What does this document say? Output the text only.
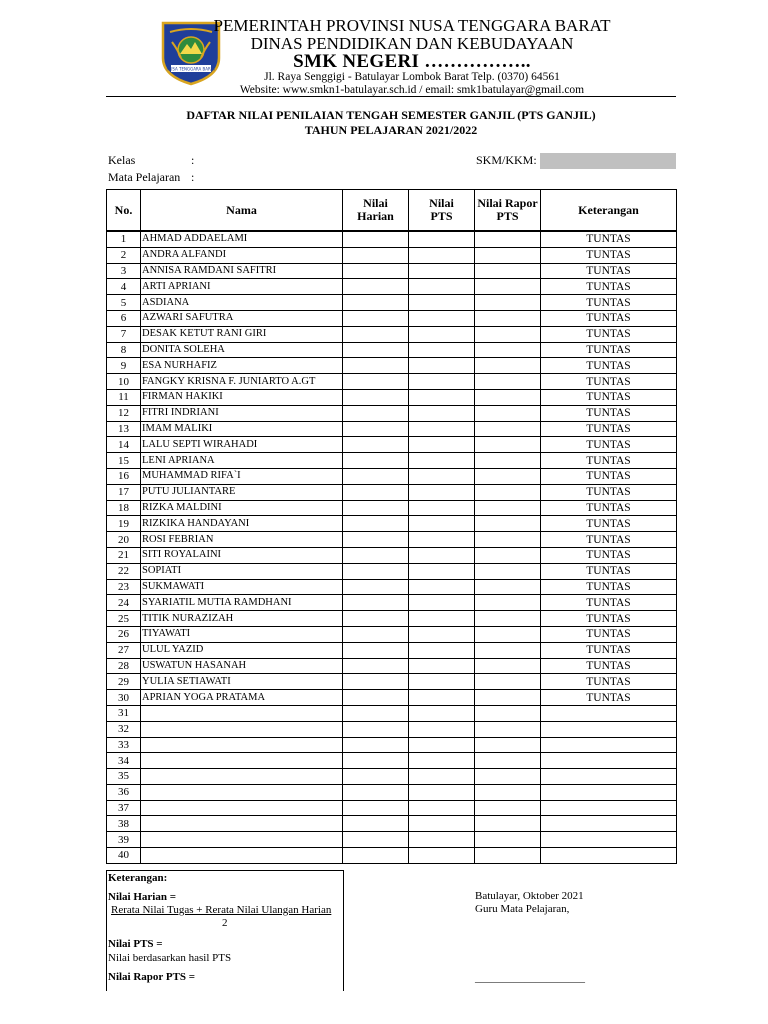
NUSA TENGGARA BARAT
PEMERINTAH PROVINSI NUSA TENGGARA BARAT
DINAS PENDIDIKAN DAN KEBUDAYAAN
SMK NEGERI ……………..
Jl. Raya Senggigi - Batulayar Lombok Barat Telp. (0370) 64561
Website: www.smkn1-batulayar.sch.id / email: smk1batulayar@gmail.com
DAFTAR NILAI PENILAIAN TENGAH SEMESTER GANJIL (PTS GANJIL)
TAHUN PELAJARAN 2021/2022
Kelas	:
Mata Pelajaran :
SKM/KKM:
No.	Nama	Nilai Harian	Nilai PTS	Nilai Rapor PTS	Keterangan
1	AHMAD ADDAELAMI				TUNTAS
2	ANDRA ALFANDI				TUNTAS
3	ANNISA RAMDANI SAFITRI				TUNTAS
4	ARTI APRIANI				TUNTAS
5	ASDIANA				TUNTAS
6	AZWARI SAFUTRA				TUNTAS
7	DESAK KETUT RANI GIRI				TUNTAS
8	DONITA SOLEHA				TUNTAS
9	ESA NURHAFIZ				TUNTAS
10	FANGKY KRISNA F. JUNIARTO A.GT				TUNTAS
11	FIRMAN HAKIKI				TUNTAS
12	FITRI INDRIANI				TUNTAS
13	IMAM MALIKI				TUNTAS
14	LALU SEPTI WIRAHADI				TUNTAS
15	LENI APRIANA				TUNTAS
16	MUHAMMAD RIFA`I				TUNTAS
17	PUTU JULIANTARE				TUNTAS
18	RIZKA MALDINI				TUNTAS
19	RIZKIKA HANDAYANI				TUNTAS
20	ROSI FEBRIAN				TUNTAS
21	SITI ROYALAINI				TUNTAS
22	SOPIATI				TUNTAS
23	SUKMAWATI				TUNTAS
24	SYARIATIL MUTIA RAMDHANI				TUNTAS
25	TITIK NURAZIZAH				TUNTAS
26	TIYAWATI				TUNTAS
27	ULUL YAZID				TUNTAS
28	USWATUN HASANAH				TUNTAS
29	YULIA SETIAWATI				TUNTAS
30	APRIAN YOGA PRATAMA				TUNTAS
31					
32					
33					
34					
35					
36					
37					
38					
39					
40					
Keterangan:
Nilai Harian =
Rerata Nilai Tugas + Rerata Nilai Ulangan Harian
2
Nilai PTS =
Nilai berdasarkan hasil PTS
Nilai Rapor PTS =
Batulayar, Oktober 2021
Guru Mata Pelajaran,
____________________
